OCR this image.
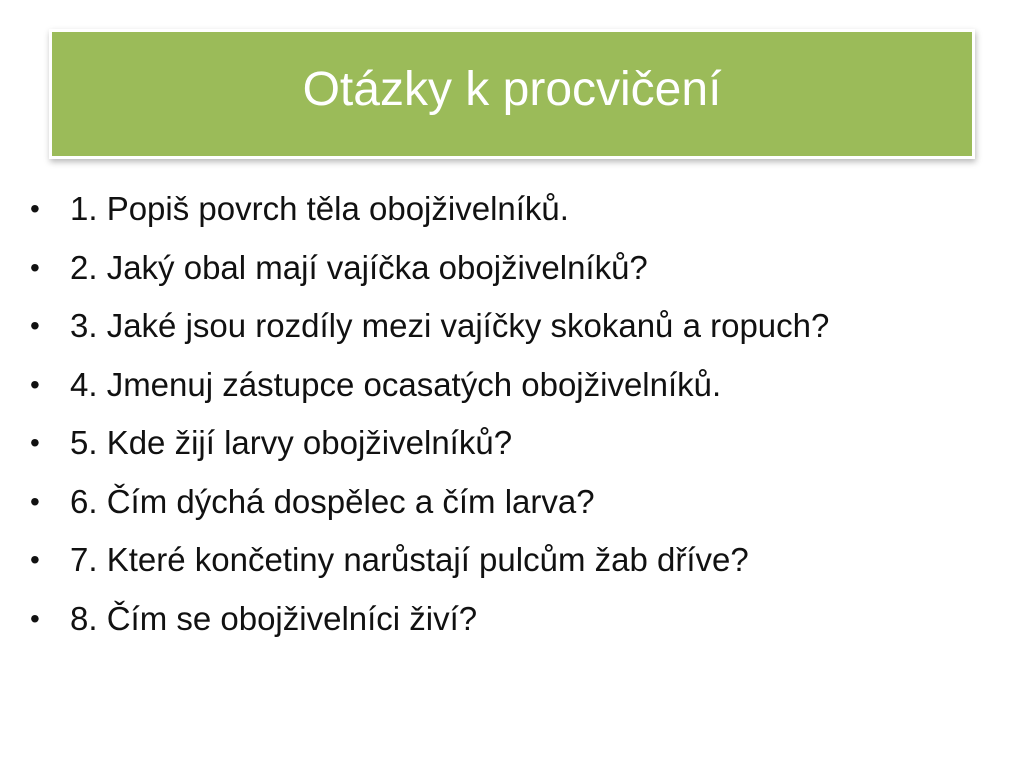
Otázky k procvičení
• 1. Popiš povrch těla obojživelníků.
• 2. Jaký obal mají vajíčka obojživelníků?
• 3. Jaké jsou rozdíly mezi vajíčky skokanů a ropuch?
• 4. Jmenuj zástupce ocasatých obojživelníků.
• 5. Kde žijí larvy obojživelníků?
• 6. Čím dýchá dospělec a čím larva?
• 7. Které končetiny narůstají pulcům žab dříve?
• 8. Čím se obojživelníci živí?
